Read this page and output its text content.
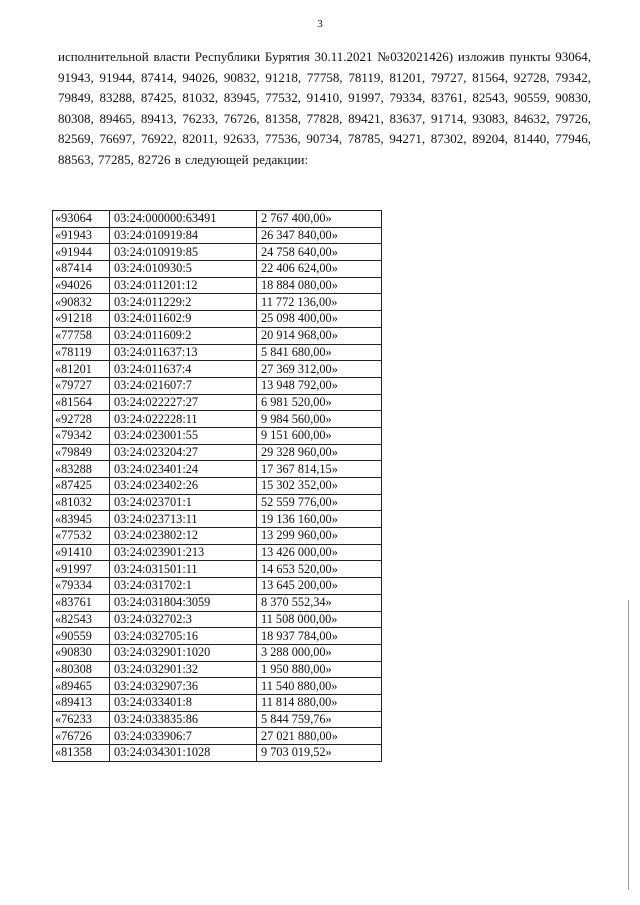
3
исполнительной власти Республики Бурятия 30.11.2021 №032021426) изложив пункты 93064, 91943, 91944, 87414, 94026, 90832, 91218, 77758, 78119, 81201, 79727, 81564, 92728, 79342, 79849, 83288, 87425, 81032, 83945, 77532, 91410, 91997, 79334, 83761, 82543, 90559, 90830, 80308, 89465, 89413, 76233, 76726, 81358, 77828, 89421, 83637, 91714, 93083, 84632, 79726, 82569, 76697, 76922, 82011, 92633, 77536, 90734, 78785, 94271, 87302, 89204, 81440, 77946, 88563, 77285, 82726 в следующей редакции:
«93064	03:24:000000:63491	2 767 400,00»
«91943	03:24:010919:84	26 347 840,00»
«91944	03:24:010919:85	24 758 640,00»
«87414	03:24:010930:5	22 406 624,00»
«94026	03:24:011201:12	18 884 080,00»
«90832	03:24:011229:2	11 772 136,00»
«91218	03:24:011602:9	25 098 400,00»
«77758	03:24:011609:2	20 914 968,00»
«78119	03:24:011637:13	5 841 680,00»
«81201	03:24:011637:4	27 369 312,00»
«79727	03:24:021607:7	13 948 792,00»
«81564	03:24:022227:27	6 981 520,00»
«92728	03:24:022228:11	9 984 560,00»
«79342	03:24:023001:55	9 151 600,00»
«79849	03:24:023204:27	29 328 960,00»
«83288	03:24:023401:24	17 367 814,15»
«87425	03:24:023402:26	15 302 352,00»
«81032	03:24:023701:1	52 559 776,00»
«83945	03:24:023713:11	19 136 160,00»
«77532	03:24:023802:12	13 299 960,00»
«91410	03:24:023901:213	13 426 000,00»
«91997	03:24:031501:11	14 653 520,00»
«79334	03:24:031702:1	13 645 200,00»
«83761	03:24:031804:3059	8 370 552,34»
«82543	03:24:032702:3	11 508 000,00»
«90559	03:24:032705:16	18 937 784,00»
«90830	03:24:032901:1020	3 288 000,00»
«80308	03:24:032901:32	1 950 880,00»
«89465	03:24:032907:36	11 540 880,00»
«89413	03:24:033401:8	11 814 880,00»
«76233	03:24:033835:86	5 844 759,76»
«76726	03:24:033906:7	27 021 880,00»
«81358	03:24:034301:1028	9 703 019,52»
